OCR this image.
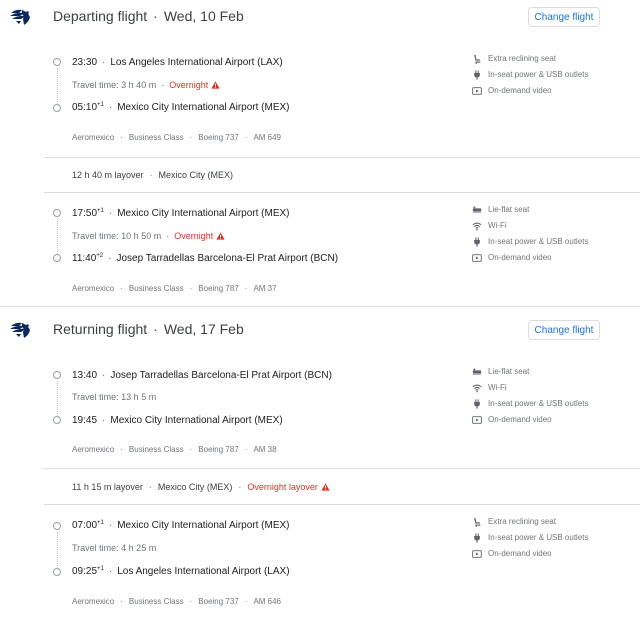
Departing flight · Wed, 10 Feb	Change flight
23:30 · Los Angeles International Airport (LAX)
Travel time: 3 h 40 m · Overnight
$05:10^{+1}$ · Mexico City International Airport (MEX)
Aeromexico · Business Class · Boeing 737 · AM 649
Extra reclining seat
In-seat power & USB outlets
On-demand video
12 h 40 m layover · Mexico City (MEX)
$17:50^{+1}$ · Mexico City International Airport (MEX)
Travel time: 10 h 50 m · Overnight
$11:40^{+2}$ · Josep Tarradellas Barcelona-El Prat Airport (BCN)
Aeromexico · Business Class · Boeing 787 · AM 37
Lie-flat seat
Wi-Fi
In-seat power & USB outlets
On-demand video
Returning flight · Wed, 17 Feb	Change flight
13:40 · Josep Tarradellas Barcelona-El Prat Airport (BCN)
Travel time: 13 h 5 m
19:45 · Mexico City International Airport (MEX)
Aeromexico · Business Class · Boeing 787 · AM 38
Lie-flat seat
Wi-Fi
In-seat power & USB outlets
On-demand video
11 h 15 m layover · Mexico City (MEX) · Overnight layover
$07:00^{+1}$ · Mexico City International Airport (MEX)
Travel time: 4 h 25 m
$09:25^{+1}$ · Los Angeles International Airport (LAX)
Aeromexico · Business Class · Boeing 737 · AM 646
Extra reclining seat
In-seat power & USB outlets
On-demand video
